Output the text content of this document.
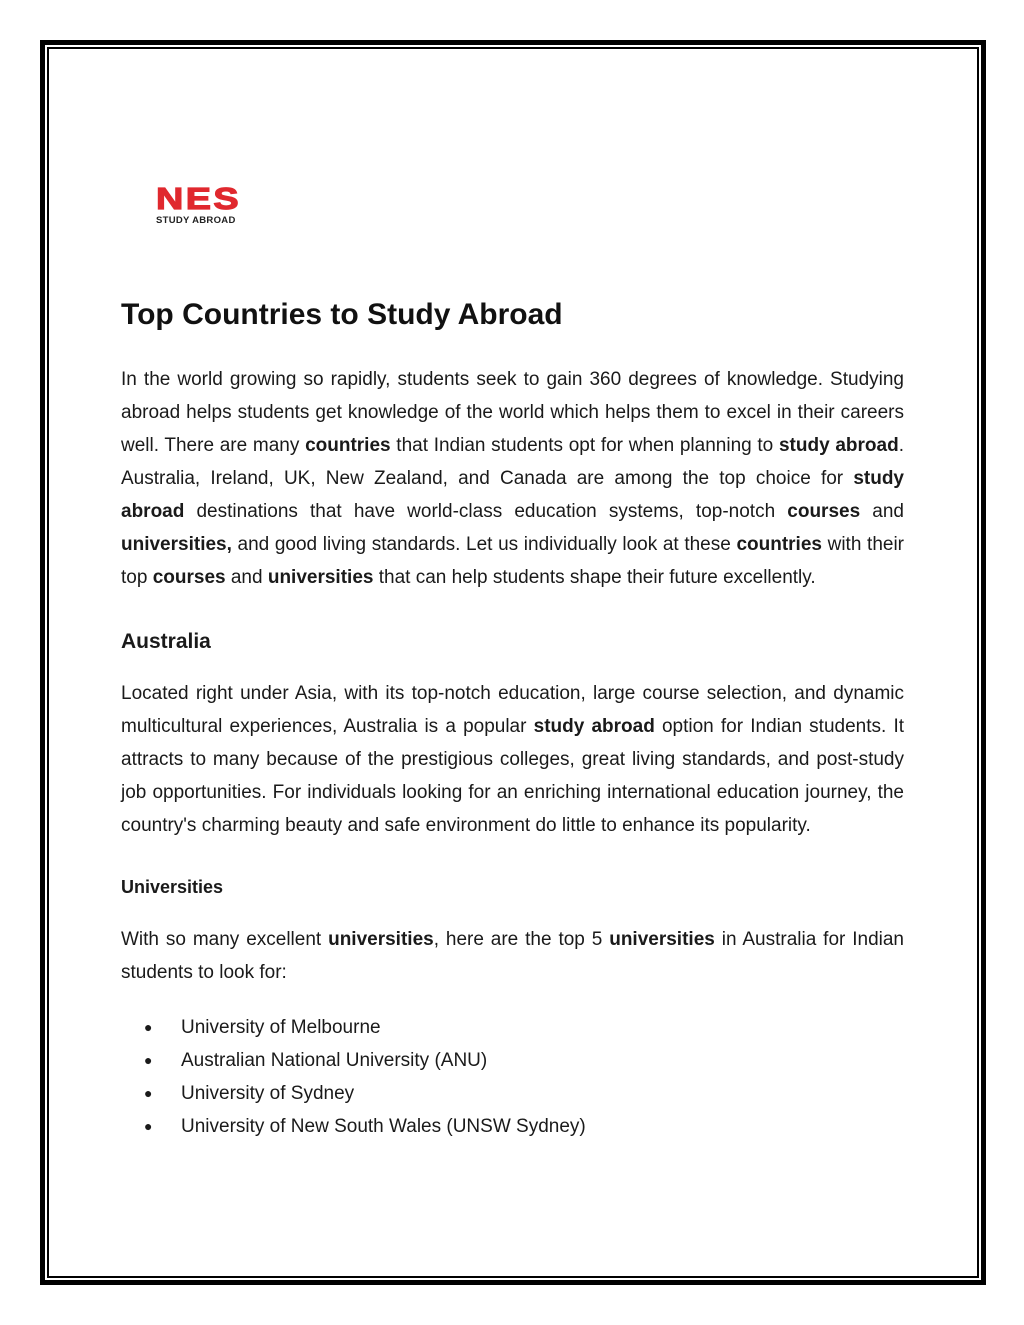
NES
STUDY ABROAD
Top Countries to Study Abroad

In the world growing so rapidly, students seek to gain 360 degrees of knowledge. Studying abroad helps students get knowledge of the world which helps them to excel in their careers well. There are many countries that Indian students opt for when planning to study abroad. Australia, Ireland, UK, New Zealand, and Canada are among the top choice for study abroad destinations that have world-class education systems, top-notch courses and universities, and good living standards. Let us individually look at these countries with their top courses and universities that can help students shape their future excellently.

Australia

Located right under Asia, with its top-notch education, large course selection, and dynamic multicultural experiences, Australia is a popular study abroad option for Indian students. It attracts to many because of the prestigious colleges, great living standards, and post-study job opportunities. For individuals looking for an enriching international education journey, the country's charming beauty and safe environment do little to enhance its popularity.

Universities

With so many excellent universities, here are the top 5 universities in Australia for Indian students to look for:

● University of Melbourne
● Australian National University (ANU)
● University of Sydney
● University of New South Wales (UNSW Sydney)
